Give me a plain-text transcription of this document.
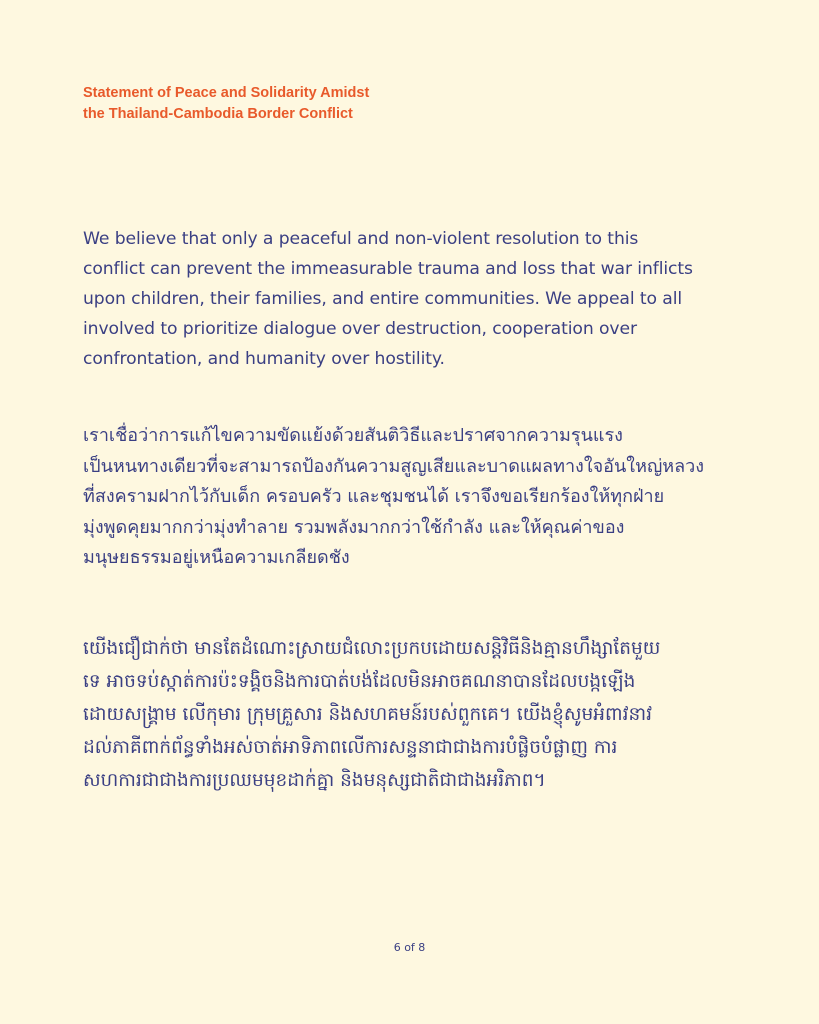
Statement of Peace and Solidarity Amidst
the Thailand-Cambodia Border Conflict
We believe that only a peaceful and non-violent resolution to this
conflict can prevent the immeasurable trauma and loss that war inflicts
upon children, their families, and entire communities. We appeal to all
involved to prioritize dialogue over destruction, cooperation over
confrontation, and humanity over hostility.
เราเชื่อว่าการแก้ไขความขัดแย้งด้วยสันติวิธีและปราศจากความรุนแรง
เป็นหนทางเดียวที่จะสามารถป้องกันความสูญเสียและบาดแผลทางใจอันใหญ่หลวง
ที่สงครามฝากไว้กับเด็ก ครอบครัว และชุมชนได้ เราจึงขอเรียกร้องให้ทุกฝ่าย
มุ่งพูดคุยมากกว่ามุ่งทำลาย รวมพลังมากกว่าใช้กำลัง และให้คุณค่าของ
มนุษยธรรมอยู่เหนือความเกลียดชัง
យើងជឿជាក់ថា មានតែដំណោះស្រាយជំលោះប្រកបដោយសន្តិវិធីនិងគ្មានហឹង្សាតែមួយ
ទេ អាចទប់ស្កាត់ការប៉ះទង្គិចនិងការបាត់បង់ដែលមិនអាចគណនាបានដែលបង្កឡើង
ដោយសង្គ្រាម លើកុមារ ក្រុមគ្រួសារ និងសហគមន៍របស់ពួកគេ។ យើងខ្ញុំសូមអំពាវនាវ
ដល់ភាគីពាក់ព័ន្ធទាំងអស់ចាត់អាទិភាពលើការសន្ទនាជាជាងការបំផ្លិចបំផ្លាញ ការ
សហការជាជាងការប្រឈមមុខដាក់គ្នា និងមនុស្សជាតិជាជាងអរិភាព។
6 of 8
